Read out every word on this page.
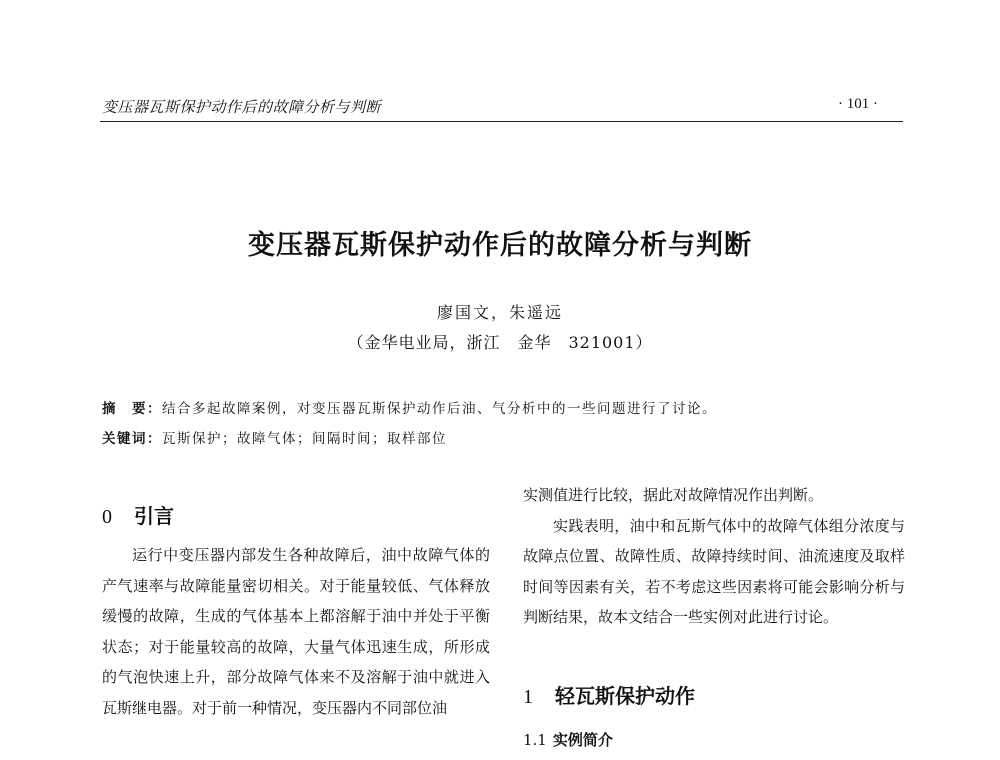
变压器瓦斯保护动作后的故障分析与判断	· 101 ·
变压器瓦斯保护动作后的故障分析与判断
廖国文，朱遥远
（金华电业局，浙江　金华　321001）
摘　要：结合多起故障案例，对变压器瓦斯保护动作后油、气分析中的一些问题进行了讨论。
关键词：瓦斯保护；故障气体；间隔时间；取样部位
0 引言

运行中变压器内部发生各种故障后，油中故障气体的产气速率与故障能量密切相关。对于能量较低、气体释放缓慢的故障，生成的气体基本上都溶解于油中并处于平衡状态；对于能量较高的故障，大量气体迅速生成，所形成的气泡快速上升，部分故障气体来不及溶解于油中就进入瓦斯继电器。对于前一种情况，变压器内不同部位油

实测值进行比较，据此对故障情况作出判断。

实践表明，油中和瓦斯气体中的故障气体组分浓度与故障点位置、故障性质、故障持续时间、油流速度及取样时间等因素有关，若不考虑这些因素将可能会影响分析与判断结果，故本文结合一些实例对此进行讨论。

1 轻瓦斯保护动作
1.1 实例简介
